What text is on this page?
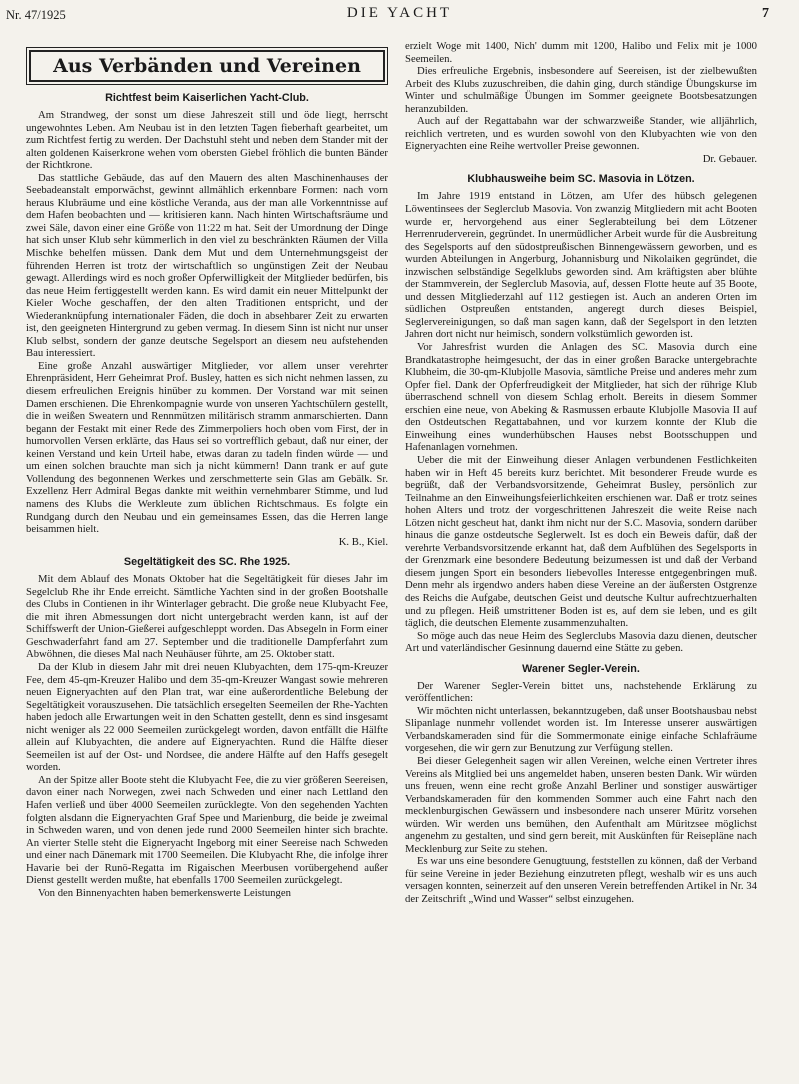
Nr. 47/1925	DIE YACHT	7
Aus Verbänden und Vereinen
Richtfest beim Kaiserlichen Yacht-Club.

Am Strandweg, der sonst um diese Jahreszeit still und öde liegt, herrscht ungewohntes Leben. Am Neubau ist in den letzten Tagen fieberhaft gearbeitet, um zum Richtfest fertig zu werden. Der Dachstuhl steht und neben dem Stander mit der alten goldenen Kaiserkrone wehen vom obersten Giebel fröhlich die bunten Bänder der Richtkrone.

Das stattliche Gebäude, das auf den Mauern des alten Maschinenhauses der Seebadeanstalt emporwächst, gewinnt allmählich erkennbare Formen: nach vorn heraus Klubräume und eine köstliche Veranda, aus der man alle Vorkenntnisse auf dem Hafen beobachten und — kritisieren kann. Nach hinten Wirtschaftsräume und zwei Säle, davon einer eine Größe von 11:22 m hat. Seit der Umordnung der Dinge hat sich unser Klub sehr kümmerlich in den viel zu beschränkten Räumen der Villa Mischke behelfen müssen. Dank dem Mut und dem Unternehmungsgeist der führenden Herren ist trotz der wirtschaftlich so ungünstigen Zeit der Neubau gewagt. Allerdings wird es noch großer Opferwilligkeit der Mitglieder bedürfen, bis das neue Heim fertiggestellt werden kann. Es wird damit ein neuer Mittelpunkt der Kieler Woche geschaffen, der den alten Traditionen entspricht, und der Wiederanknüpfung internationaler Fäden, die doch in absehbarer Zeit zu erwarten ist, den geeigneten Hintergrund zu geben vermag. In diesem Sinn ist nicht nur unser Klub selbst, sondern der ganze deutsche Segelsport an diesem neu aufstehenden Bau interessiert.

Eine große Anzahl auswärtiger Mitglieder, vor allem unser verehrter Ehrenpräsident, Herr Geheimrat Prof. Busley, hatten es sich nicht nehmen lassen, zu diesem erfreulichen Ereignis hinüber zu kommen. Der Vorstand war mit seinen Damen erschienen. Die Ehrenkompagnie wurde von unseren Yachtschülern gestellt, die in weißen Sweatern und Rennmützen militärisch stramm anmarschierten. Dann begann der Festakt mit einer Rede des Zimmerpoliers hoch oben vom First, der in humorvollen Versen erklärte, das Haus sei so vortrefflich gebaut, daß nur einer, der keinen Verstand und kein Urteil habe, etwas daran zu tadeln finden würde — und um einen solchen brauchte man sich ja nicht kümmern! Dann trank er auf gute Vollendung des begonnenen Werkes und zerschmetterte sein Glas am Gebälk. Sr. Exzellenz Herr Admiral Begas dankte mit weithin vernehmbarer Stimme, und lud namens des Klubs die Werkleute zum üblichen Richtschmaus. Es folgte ein Rundgang durch den Neubau und ein gemeinsames Essen, das die Herren lange beisammen hielt.

K. B., Kiel.

Segeltätigkeit des SC. Rhe 1925.

Mit dem Ablauf des Monats Oktober hat die Segeltätigkeit für dieses Jahr im Segelclub Rhe ihr Ende erreicht. Sämtliche Yachten sind in der großen Bootshalle des Clubs in Contienen in ihr Winterlager gebracht. Die große neue Klubyacht Fee, die mit ihren Abmessungen dort nicht untergebracht werden kann, ist auf der Schiffswerft der Union-Gießerei aufgeschleppt worden. Das Absegeln in Form einer Geschwaderfahrt fand am 27. September und die traditionelle Dampferfahrt zum Abwöhnen, die dieses Mal nach Neuhäuser führte, am 25. Oktober statt.

Da der Klub in diesem Jahr mit drei neuen Klubyachten, dem 175-qm-Kreuzer Fee, dem 45-qm-Kreuzer Halibo und dem 35-qm-Kreuzer Wangast sowie mehreren neuen Eigneryachten auf den Plan trat, war eine außerordentliche Belebung der Segeltätigkeit vorauszusehen. Die tatsächlich ersegelten Seemeilen der Rhe-Yachten haben jedoch alle Erwartungen weit in den Schatten gestellt, denn es sind insgesamt nicht weniger als 22 000 Seemeilen zurückgelegt worden, davon entfällt die Hälfte allein auf Klubyachten, die andere auf Eigneryachten. Rund die Hälfte dieser Seemeilen ist auf der Ost- und Nordsee, die andere Hälfte auf den Haffs gesegelt worden.

An der Spitze aller Boote steht die Klubyacht Fee, die zu vier größeren Seereisen, davon einer nach Norwegen, zwei nach Schweden und einer nach Lettland den Hafen verließ und über 4000 Seemeilen zurücklegte. Von den segehenden Yachten folgten alsdann die Eigneryachten Graf Spee und Marienburg, die beide je zweimal in Schweden waren, und von denen jede rund 2000 Seemeilen hinter sich brachte. An vierter Stelle steht die Eigneryacht Ingeborg mit einer Seereise nach Schweden und einer nach Dänemark mit 1700 Seemeilen. Die Klubyacht Rhe, die infolge ihrer Havarie bei der Runö-Regatta im Rigaischen Meerbusen vorübergehend außer Dienst gestellt werden mußte, hat ebenfalls 1700 Seemeilen zurückgelegt.

Von den Binnenyachten haben bemerkenswerte Leistungen

erzielt Woge mit 1400, Nich' dumm mit 1200, Halibo und Felix mit je 1000 Seemeilen.

Dies erfreuliche Ergebnis, insbesondere auf Seereisen, ist der zielbewußten Arbeit des Klubs zuzuschreiben, die dahin ging, durch ständige Übungskurse im Winter und schulmäßige Übungen im Sommer geeignete Bootsbesatzungen heranzubilden.

Auch auf der Regattabahn war der schwarzweiße Stander, wie alljährlich, reichlich vertreten, und es wurden sowohl von den Klubyachten wie von den Eigneryachten eine Reihe wertvoller Preise gewonnen.

Dr. Gebauer.

Klubhausweihe beim SC. Masovia in Lötzen.

Im Jahre 1919 entstand in Lötzen, am Ufer des hübsch gelegenen Löwentinsees der Seglerclub Masovia. Von zwanzig Mitgliedern mit acht Booten wurde er, hervorgehend aus einer Seglerabteilung bei dem Lötzener Herrenruderverein, gegründet. In unermüdlicher Arbeit wurde für die Ausbreitung des Segelsports auf den südostpreußischen Binnengewässern geworben, und es wurden Abteilungen in Angerburg, Johannisburg und Nikolaiken gegründet, die inzwischen selbständige Segelklubs geworden sind. Am kräftigsten aber blühte der Stammverein, der Seglerclub Masovia, auf, dessen Flotte heute auf 35 Boote, und dessen Mitgliederzahl auf 112 gestiegen ist. Auch an anderen Orten im südlichen Ostpreußen entstanden, angeregt durch dieses Beispiel, Seglervereinigungen, so daß man sagen kann, daß der Segelsport in den letzten Jahren dort nicht nur heimisch, sondern volkstümlich geworden ist.

Vor Jahresfrist wurden die Anlagen des SC. Masovia durch eine Brandkatastrophe heimgesucht, der das in einer großen Baracke untergebrachte Klubheim, die 30-qm-Klubjolle Masovia, sämtliche Preise und anderes mehr zum Opfer fiel. Dank der Opferfreudigkeit der Mitglieder, hat sich der rührige Klub überraschend schnell von diesem Schlag erholt. Bereits in diesem Sommer erschien eine neue, von Abeking & Rasmussen erbaute Klubjolle Masovia II auf den Ostdeutschen Regattabahnen, und vor kurzem konnte der Klub die Einweihung eines wunderhübschen Hauses nebst Bootsschuppen und Hafenanlagen vornehmen.

Ueber die mit der Einweihung dieser Anlagen verbundenen Festlichkeiten haben wir in Heft 45 bereits kurz berichtet. Mit besonderer Freude wurde es begrüßt, daß der Verbandsvorsitzende, Geheimrat Busley, persönlich zur Teilnahme an den Einweihungsfeierlichkeiten erschienen war. Daß er trotz seines hohen Alters und trotz der vorgeschrittenen Jahreszeit die weite Reise nach Lötzen nicht gescheut hat, dankt ihm nicht nur der S.C. Masovia, sondern darüber hinaus die ganze ostdeutsche Seglerwelt. Ist es doch ein Beweis dafür, daß der verehrte Verbandsvorsitzende erkannt hat, daß dem Aufblühen des Segelsports in der Grenzmark eine besondere Bedeutung beizumessen ist und daß der Verband diesem jungen Sport ein besonders liebevolles Interesse entgegenbringen muß. Denn mehr als irgendwo anders haben diese Vereine an der äußersten Ostgrenze des Reichs die Aufgabe, deutschen Geist und deutsche Kultur aufrechtzuerhalten und zu pflegen. Heiß umstrittener Boden ist es, auf dem sie leben, und es gilt täglich, die deutschen Elemente zusammenzuhalten.

So möge auch das neue Heim des Seglerclubs Masovia dazu dienen, deutscher Art und vaterländischer Gesinnung dauernd eine Stätte zu geben.

Warener Segler-Verein.

Der Warener Segler-Verein bittet uns, nachstehende Erklärung zu veröffentlichen:

Wir möchten nicht unterlassen, bekanntzugeben, daß unser Bootshausbau nebst Slipanlage nunmehr vollendet worden ist. Im Interesse unserer auswärtigen Verbandskameraden sind für die Sommermonate einige einfache Schlafräume vorgesehen, die wir gern zur Benutzung zur Verfügung stellen.

Bei dieser Gelegenheit sagen wir allen Vereinen, welche einen Vertreter ihres Vereins als Mitglied bei uns angemeldet haben, unseren besten Dank. Wir würden uns freuen, wenn eine recht große Anzahl Berliner und sonstiger auswärtiger Verbandskameraden für den kommenden Sommer auch eine Fahrt nach den mecklenburgischen Gewässern und insbesondere nach unserer Müritz vorsehen würden. Wir werden uns bemühen, den Aufenthalt am Müritzsee möglichst angenehm zu gestalten, und sind gern bereit, mit Auskünften für Reisepläne nach Mecklenburg zur Seite zu stehen.

Es war uns eine besondere Genugtuung, feststellen zu können, daß der Verband für seine Vereine in jeder Beziehung einzutreten pflegt, weshalb wir es uns auch versagen konnten, seinerzeit auf den unseren Verein betreffenden Artikel in Nr. 34 der Zeitschrift „Wind und Wasser“ selbst einzugehen.
